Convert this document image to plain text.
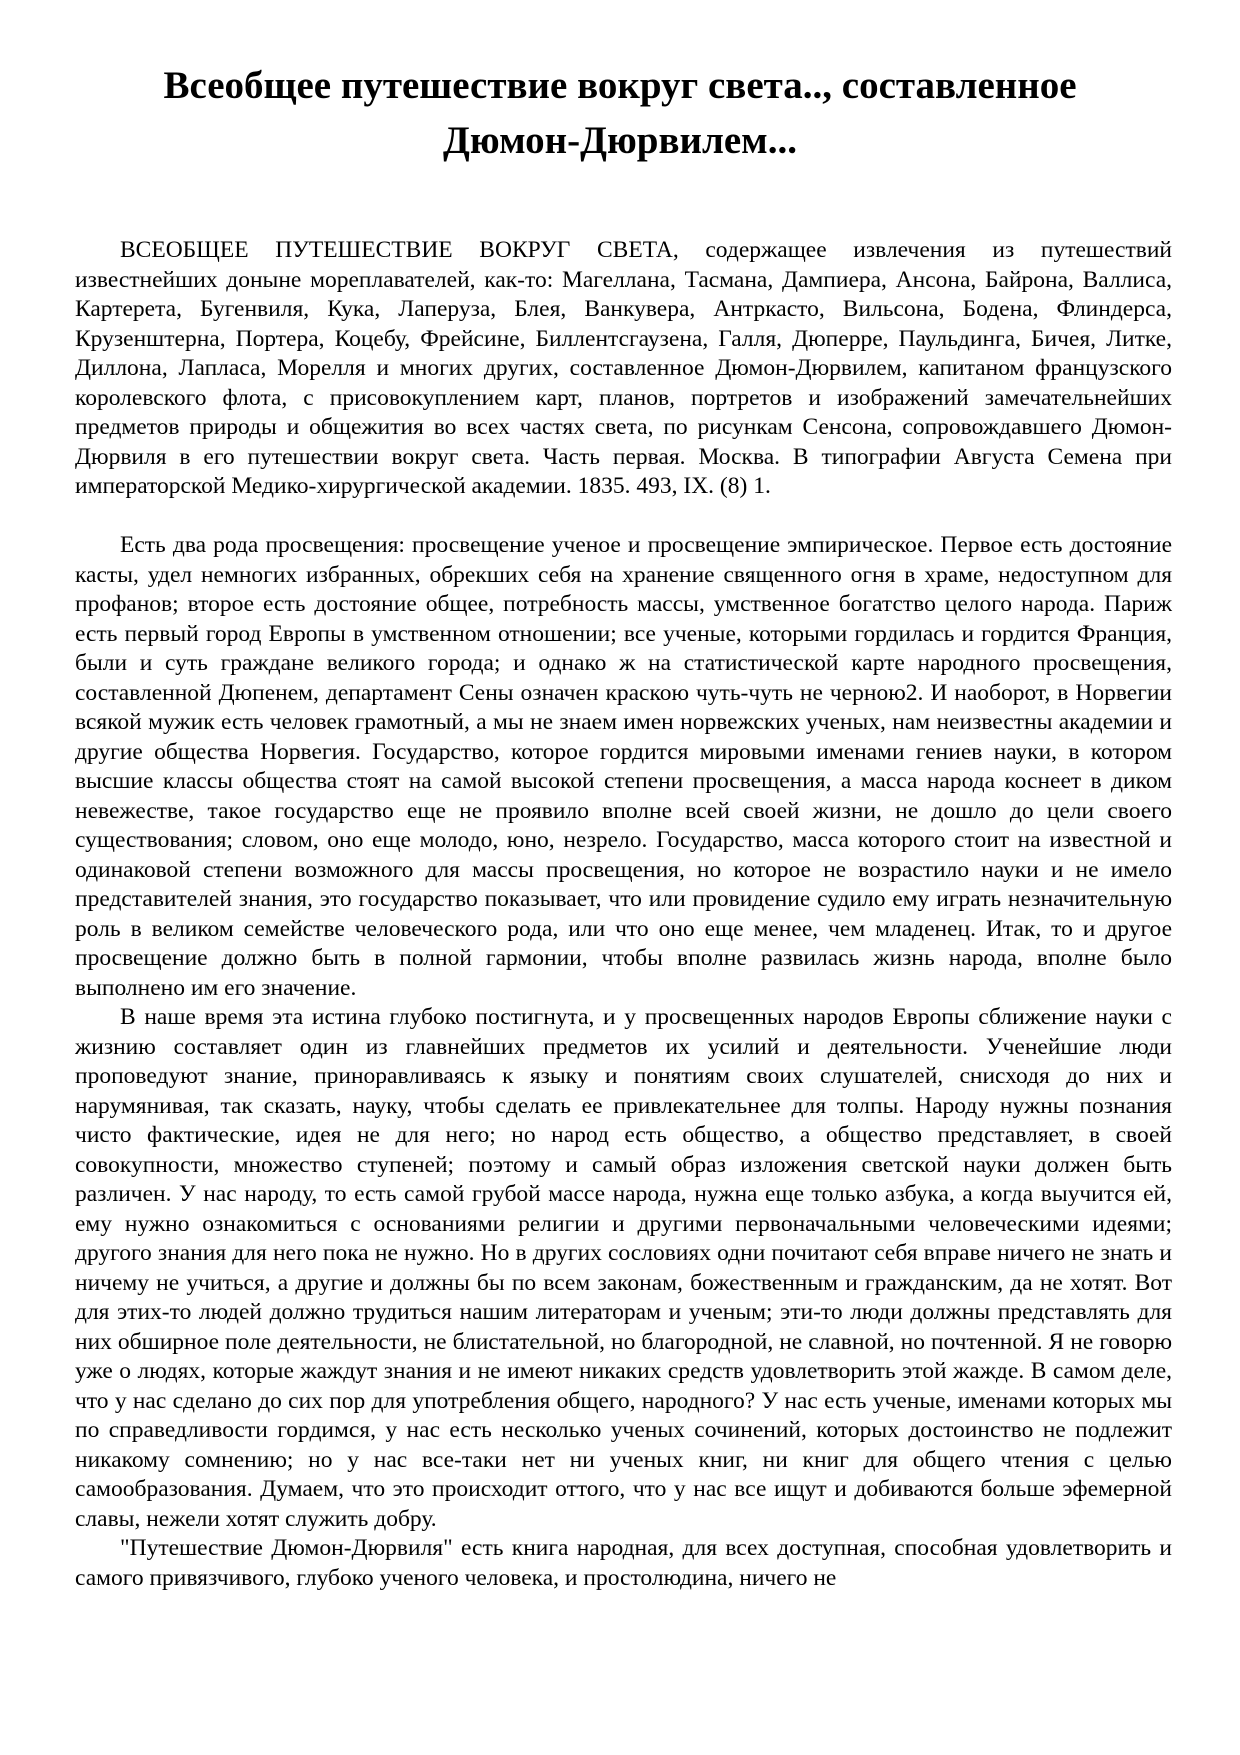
Всеобщее путешествие вокруг света.., составленное Дюмон-Дюрвилем...

ВСЕОБЩЕЕ ПУТЕШЕСТВИЕ ВОКРУГ СВЕТА, содержащее извлечения из путешествий известнейших доныне мореплавателей, как-то: Магеллана, Тасмана, Дампиера, Ансона, Байрона, Валлиса, Картерета, Бугенвиля, Кука, Лаперуза, Блея, Ванкувера, Антркасто, Вильсона, Бодена, Флиндерса, Крузенштерна, Портера, Коцебу, Фрейсине, Биллентсгаузена, Галля, Дюперре, Паульдинга, Бичея, Литке, Диллона, Лапласа, Морелля и многих других, составленное Дюмон-Дюрвилем, капитаном французского королевского флота, с присовокуплением карт, планов, портретов и изображений замечательнейших предметов природы и общежития во всех частях света, по рисункам Сенсона, сопровождавшего Дюмон-Дюрвиля в его путешествии вокруг света. Часть первая. Москва. В типографии Августа Семена при императорской Медико-хирургической академии. 1835. 493, IX. (8) 1.

Есть два рода просвещения: просвещение ученое и просвещение эмпирическое. Первое есть достояние касты, удел немногих избранных, обрекших себя на хранение священного огня в храме, недоступном для профанов; второе есть достояние общее, потребность массы, умственное богатство целого народа. Париж есть первый город Европы в умственном отношении; все ученые, которыми гордилась и гордится Франция, были и суть граждане великого города; и однако ж на статистической карте народного просвещения, составленной Дюпенем, департамент Сены означен краскою чуть-чуть не черною2. И наоборот, в Норвегии всякой мужик есть человек грамотный, а мы не знаем имен норвежских ученых, нам неизвестны академии и другие общества Норвегия. Государство, которое гордится мировыми именами гениев науки, в котором высшие классы общества стоят на самой высокой степени просвещения, а масса народа коснеет в диком невежестве, такое государство еще не проявило вполне всей своей жизни, не дошло до цели своего существования; словом, оно еще молодо, юно, незрело. Государство, масса которого стоит на известной и одинаковой степени возможного для массы просвещения, но которое не возрастило науки и не имело представителей знания, это государство показывает, что или провидение судило ему играть незначительную роль в великом семействе человеческого рода, или что оно еще менее, чем младенец. Итак, то и другое просвещение должно быть в полной гармонии, чтобы вполне развилась жизнь народа, вполне было выполнено им его значение.

В наше время эта истина глубоко постигнута, и у просвещенных народов Европы сближение науки с жизнию составляет один из главнейших предметов их усилий и деятельности. Ученейшие люди проповедуют знание, приноравливаясь к языку и понятиям своих слушателей, снисходя до них и нарумянивая, так сказать, науку, чтобы сделать ее привлекательнее для толпы. Народу нужны познания чисто фактические, идея не для него; но народ есть общество, а общество представляет, в своей совокупности, множество ступеней; поэтому и самый образ изложения светской науки должен быть различен. У нас народу, то есть самой грубой массе народа, нужна еще только азбука, а когда выучится ей, ему нужно ознакомиться с основаниями религии и другими первоначальными человеческими идеями; другого знания для него пока не нужно. Но в других сословиях одни почитают себя вправе ничего не знать и ничему не учиться, а другие и должны бы по всем законам, божественным и гражданским, да не хотят. Вот для этих-то людей должно трудиться нашим литераторам и ученым; эти-то люди должны представлять для них обширное поле деятельности, не блистательной, но благородной, не славной, но почтенной. Я не говорю уже о людях, которые жаждут знания и не имеют никаких средств удовлетворить этой жажде. В самом деле, что у нас сделано до сих пор для употребления общего, народного? У нас есть ученые, именами которых мы по справедливости гордимся, у нас есть несколько ученых сочинений, которых достоинство не подлежит никакому сомнению; но у нас все-таки нет ни ученых книг, ни книг для общего чтения с целью самообразования. Думаем, что это происходит оттого, что у нас все ищут и добиваются больше эфемерной славы, нежели хотят служить добру.

"Путешествие Дюмон-Дюрвиля" есть книга народная, для всех доступная, способная удовлетворить и самого привязчивого, глубоко ученого человека, и простолюдина, ничего не
